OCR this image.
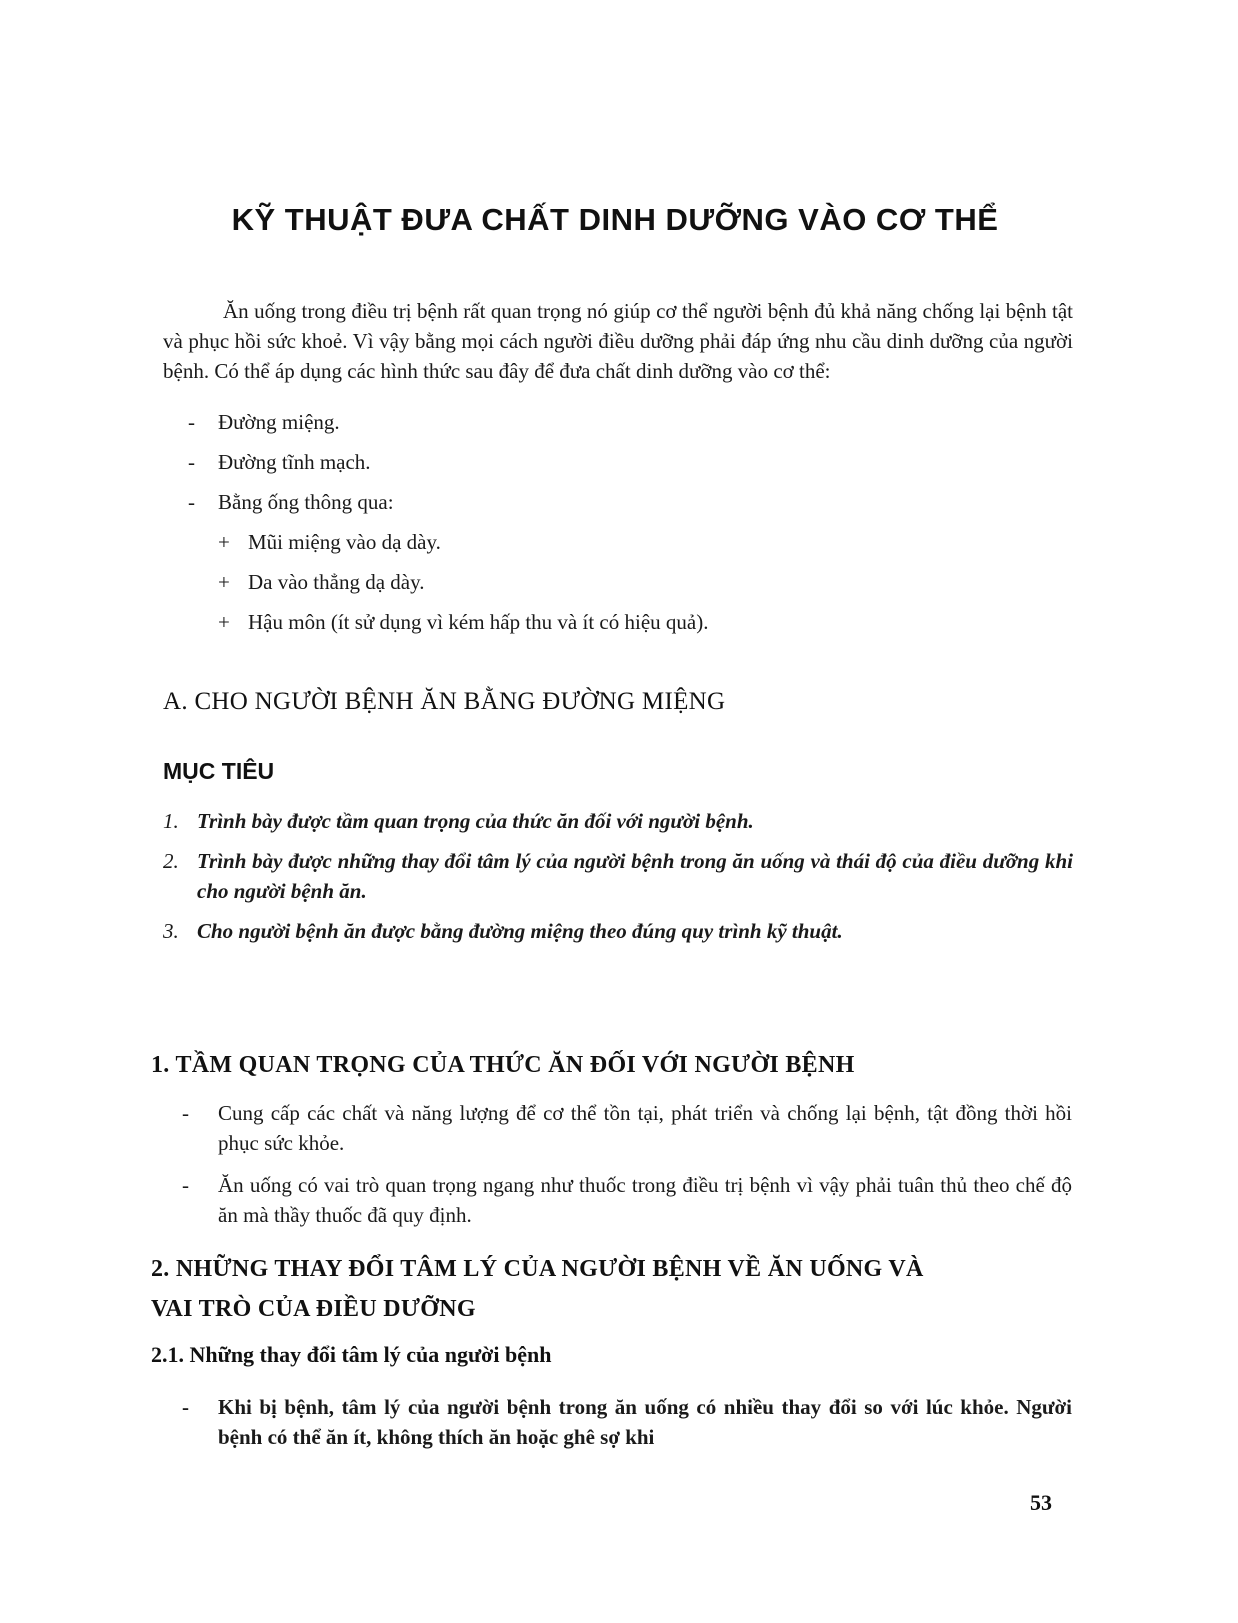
KỸ THUẬT ĐƯA CHẤT DINH DƯỠNG VÀO CƠ THỂ

Ăn uống trong điều trị bệnh rất quan trọng nó giúp cơ thể người bệnh đủ khả năng chống lại bệnh tật và phục hồi sức khoẻ. Vì vậy bằng mọi cách người điều dưỡng phải đáp ứng nhu cầu dinh dưỡng của người bệnh. Có thể áp dụng các hình thức sau đây để đưa chất dinh dưỡng vào cơ thể:

- Đường miệng.
- Đường tĩnh mạch.
- Bằng ống thông qua:
+ Mũi miệng vào dạ dày.
+ Da vào thẳng dạ dày.
+ Hậu môn (ít sử dụng vì kém hấp thu và ít có hiệu quả).
A. CHO NGƯỜI BỆNH ĂN BẰNG ĐƯỜNG MIỆNG
MỤC TIÊU
1. Trình bày được tầm quan trọng của thức ăn đối với người bệnh.
2. Trình bày được những thay đổi tâm lý của người bệnh trong ăn uống và thái độ của điều dưỡng khi cho người bệnh ăn.
3. Cho người bệnh ăn được bằng đường miệng theo đúng quy trình kỹ thuật.
1. TẦM QUAN TRỌNG CỦA THỨC ĂN ĐỐI VỚI NGƯỜI BỆNH
- Cung cấp các chất và năng lượng để cơ thể tồn tại, phát triển và chống lại bệnh, tật đồng thời hồi phục sức khỏe.
- Ăn uống có vai trò quan trọng ngang như thuốc trong điều trị bệnh vì vậy phải tuân thủ theo chế độ ăn mà thầy thuốc đã quy định.
2. NHỮNG THAY ĐỔI TÂM LÝ CỦA NGƯỜI BỆNH VỀ ĂN UỐNG VÀ
VAI TRÒ CỦA ĐIỀU DƯỠNG
2.1. Những thay đổi tâm lý của người bệnh
- Khi bị bệnh, tâm lý của người bệnh trong ăn uống có nhiều thay đổi so với lúc khỏe. Người bệnh có thể ăn ít, không thích ăn hoặc ghê sợ khi

53
